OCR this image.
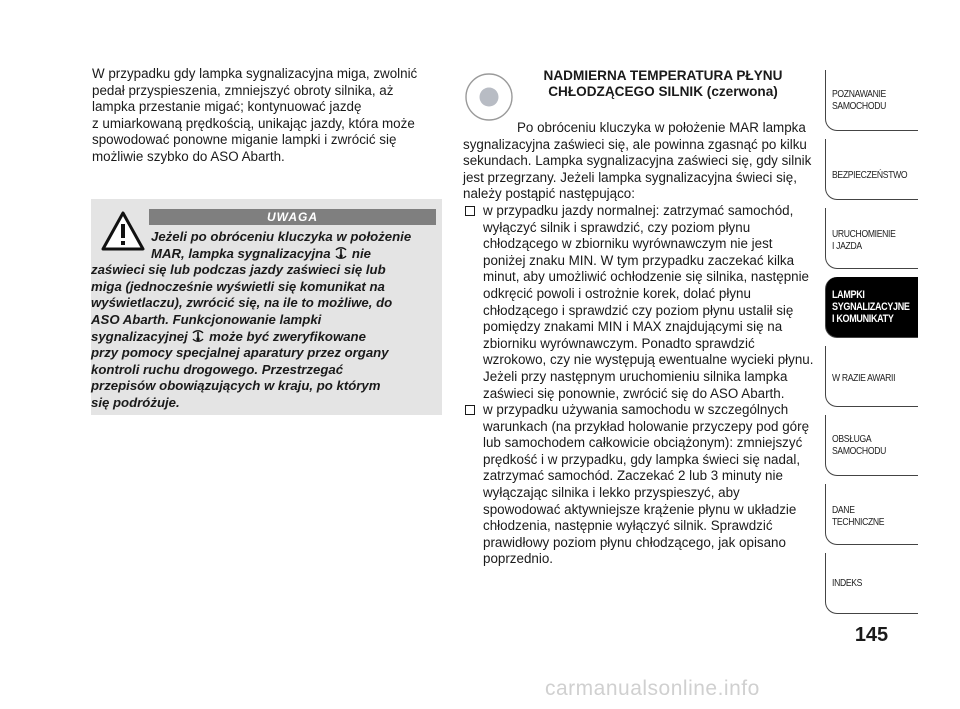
W przypadku gdy lampka sygnalizacyjna miga, zwolnić
pedał przyspieszenia, zmniejszyć obroty silnika, aż
lampka przestanie migać; kontynuować jazdę
z umiarkowaną prędkością, unikając jazdy, która może
spowodować ponowne miganie lampki i zwrócić się
możliwie szybko do ASO Abarth.
UWAGA
Jeżeli po obróceniu kluczyka w położenie
MAR, lampka sygnalizacyjna nie
zaświeci się lub podczas jazdy zaświeci się lub
miga (jednocześnie wyświetli się komunikat na
wyświetlaczu), zwrócić się, na ile to możliwe, do
ASO Abarth. Funkcjonowanie lampki
sygnalizacyjnej może być zweryfikowane
przy pomocy specjalnej aparatury przez organy
kontroli ruchu drogowego. Przestrzegać
przepisów obowiązujących w kraju, po którym
się podróżuje.
NADMIERNA TEMPERATURA PŁYNU
CHŁODZĄCEGO SILNIK (czerwona)

Po obróceniu kluczyka w położenie MAR lampka sygnalizacyjna zaświeci się, ale powinna zgasnąć po kilku sekundach. Lampka sygnalizacyjna zaświeci się, gdy silnik jest przegrzany. Jeżeli lampka sygnalizacyjna świeci się, należy postąpić następująco:

w przypadku jazdy normalnej: zatrzymać samochód, wyłączyć silnik i sprawdzić, czy poziom płynu chłodzącego w zbiorniku wyrównawczym nie jest poniżej znaku MIN. W tym przypadku zaczekać kilka minut, aby umożliwić ochłodzenie się silnika, następnie odkręcić powoli i ostrożnie korek, dolać płynu chłodzącego i sprawdzić czy poziom płynu ustalił się pomiędzy znakami MIN i MAX znajdującymi się na zbiorniku wyrównawczym. Ponadto sprawdzić wzrokowo, czy nie występują ewentualne wycieki płynu. Jeżeli przy następnym uruchomieniu silnika lampka zaświeci się ponownie, zwrócić się do ASO Abarth.
w przypadku używania samochodu w szczególnych warunkach (na przykład holowanie przyczepy pod górę lub samochodem całkowicie obciążonym): zmniejszyć prędkość i w przypadku, gdy lampka świeci się nadal, zatrzymać samochód. Zaczekać 2 lub 3 minuty nie wyłączając silnika i lekko przyspieszyć, aby spowodować aktywniejsze krążenie płynu w układzie chłodzenia, następnie wyłączyć silnik. Sprawdzić prawidłowy poziom płynu chłodzącego, jak opisano poprzednio.
POZNAWANIE
SAMOCHODU
BEZPIECZEŃSTWO
URUCHOMIENIE
I JAZDA
LAMPKI
SYGNALIZACYJNE
I KOMUNIKATY
W RAZIE AWARII
OBSŁUGA
SAMOCHODU
DANE
TECHNICZNE
INDEKS
145
carmanualsonline.info
